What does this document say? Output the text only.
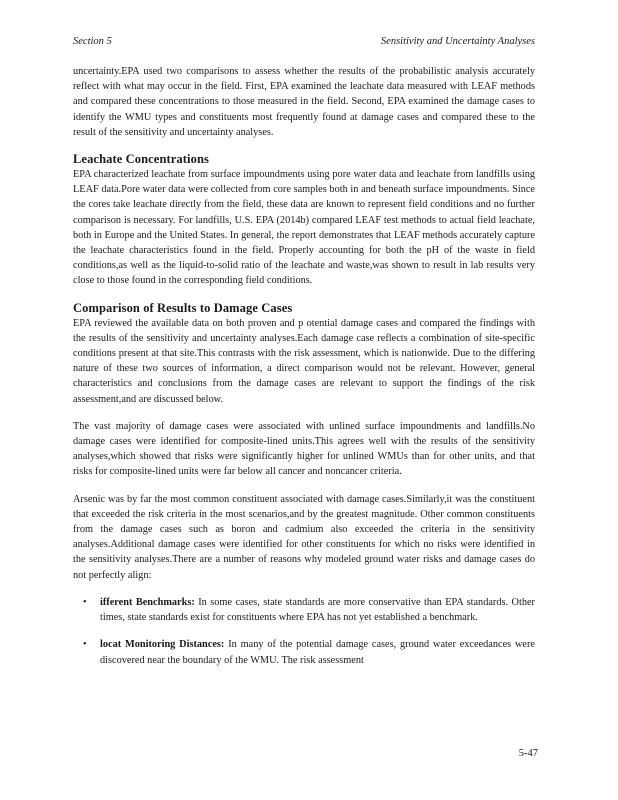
Section 5	Sensitivity and Uncertainty Analyses

uncertainty.EPA used two comparisons to assess whether the results of the probabilistic analysis accurately reflect with what may occur in the field. First, EPA examined the leachate data measured with LEAF methods and compared these concentrations to those measured in the field. Second, EPA examined the damage cases to identify the WMU types and constituents most frequently found at damage cases and compared these to the result of the sensitivity and uncertainty analyses.

Leachate Concentrations

EPA characterized leachate from surface impoundments using pore water data and leachate from landfills using LEAF data.Pore water data were collected from core samples both in and beneath surface impoundments. Since the cores take leachate directly from the field, these data are known to represent field conditions and no further comparison is necessary. For landfills, U.S. EPA (2014b) compared LEAF test methods to actual field leachate, both in Europe and the United States. In general, the report demonstrates that LEAF methods accurately capture the leachate characteristics found in the field. Properly accounting for both the pH of the waste in field conditions,as well as the liquid-to-solid ratio of the leachate and waste,was shown to result in lab results very close to those found in the corresponding field conditions.

Comparison of Results to Damage Cases

EPA reviewed the available data on both proven and p otential damage cases and compared the findings with the results of the sensitivity and uncertainty analyses.Each damage case reflects a combination of site-specific conditions present at that site.This contrasts with the risk assessment, which is nationwide. Due to the differing nature of these two sources of information, a direct comparison would not be relevant. However, general characteristics and conclusions from the damage cases are relevant to support the findings of the risk assessment,and are discussed below.

The vast majority of damage cases were associated with unlined surface impoundments and landfills.No damage cases were identified for composite-lined units.This agrees well with the results of the sensitivity analyses,which showed that risks were significantly higher for unlined WMUs than for other units, and that risks for composite-lined units were far below all cancer and noncancer criteria.

Arsenic was by far the most common constituent associated with damage cases.Similarly,it was the constituent that exceeded the risk criteria in the most scenarios,and by the greatest magnitude. Other common constituents from the damage cases such as boron and cadmium also exceeded the criteria in the sensitivity analyses.Additional damage cases were identified for other constituents for which no risks were identified in the sensitivity analyses.There are a number of reasons why modeled ground water risks and damage cases do not perfectly align:

• ifferent Benchmarks: In some cases, state standards are more conservative than EPA standards. Other times, state standards exist for constituents where EPA has not yet established a benchmark.

• locat Monitoring Distances: In many of the potential damage cases, ground water exceedances were discovered near the boundary of the WMU. The risk assessment

5-47
